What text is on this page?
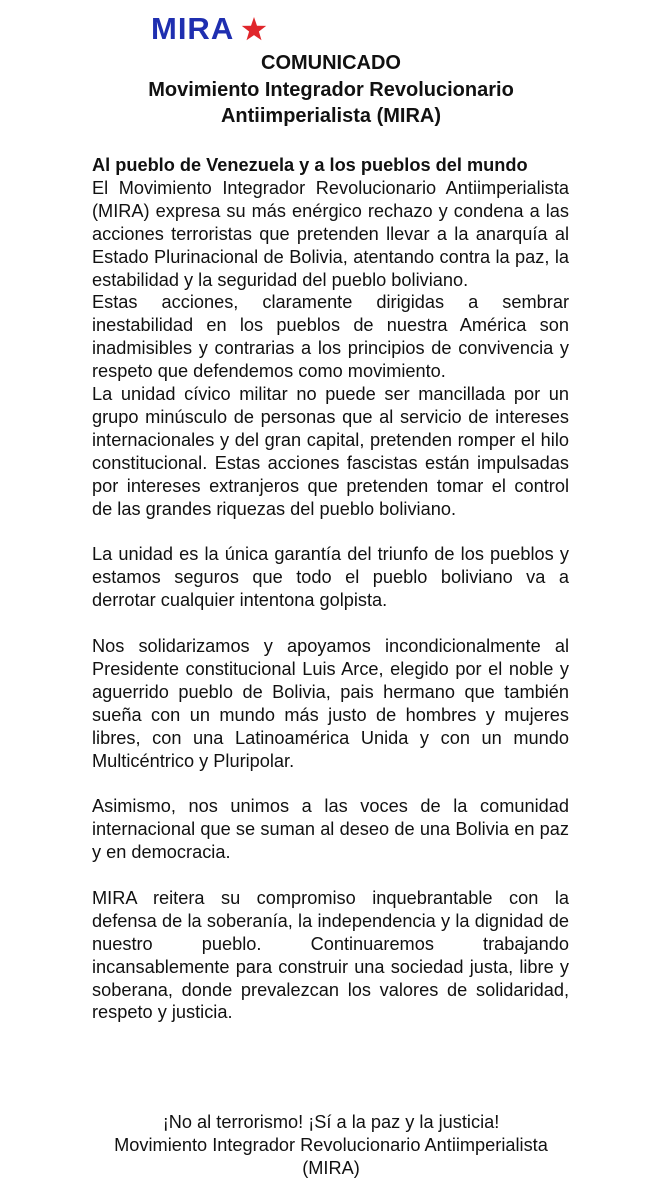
MIRA
COMUNICADO
Movimiento Integrador Revolucionario
Antiimperialista (MIRA)
Al pueblo de Venezuela y a los pueblos del mundo

El Movimiento Integrador Revolucionario Antiimperialista (MIRA) expresa su más enérgico rechazo y condena a las acciones terroristas que pretenden llevar a la anarquía al Estado Plurinacional de Bolivia, atentando contra la paz, la estabilidad y la seguridad del pueblo boliviano.

Estas acciones, claramente dirigidas a sembrar inestabilidad en los pueblos de nuestra América son inadmisibles y contrarias a los principios de convivencia y respeto que defendemos como movimiento.

La unidad cívico militar no puede ser mancillada por un grupo minúsculo de personas que al servicio de intereses internacionales y del gran capital, pretenden romper el hilo constitucional. Estas acciones fascistas están impulsadas por intereses extranjeros que pretenden tomar el control de las grandes riquezas del pueblo boliviano.

La unidad es la única garantía del triunfo de los pueblos y estamos seguros que todo el pueblo boliviano va a derrotar cualquier intentona golpista.

Nos solidarizamos y apoyamos incondicionalmente al Presidente constitucional Luis Arce, elegido por el noble y aguerrido pueblo de Bolivia, pais hermano que también sueña con un mundo más justo de hombres y mujeres libres, con una Latinoamérica Unida y con un mundo Multicéntrico y Pluripolar.

Asimismo, nos unimos a las voces de la comunidad internacional que se suman al deseo de una Bolivia en paz y en democracia.

MIRA reitera su compromiso inquebrantable con la defensa de la soberanía, la independencia y la dignidad de nuestro pueblo. Continuaremos trabajando incansablemente para construir una sociedad justa, libre y soberana, donde prevalezcan los valores de solidaridad, respeto y justicia.

¡No al terrorismo! ¡Sí a la paz y la justicia!
Movimiento Integrador Revolucionario Antiimperialista
(MIRA)
